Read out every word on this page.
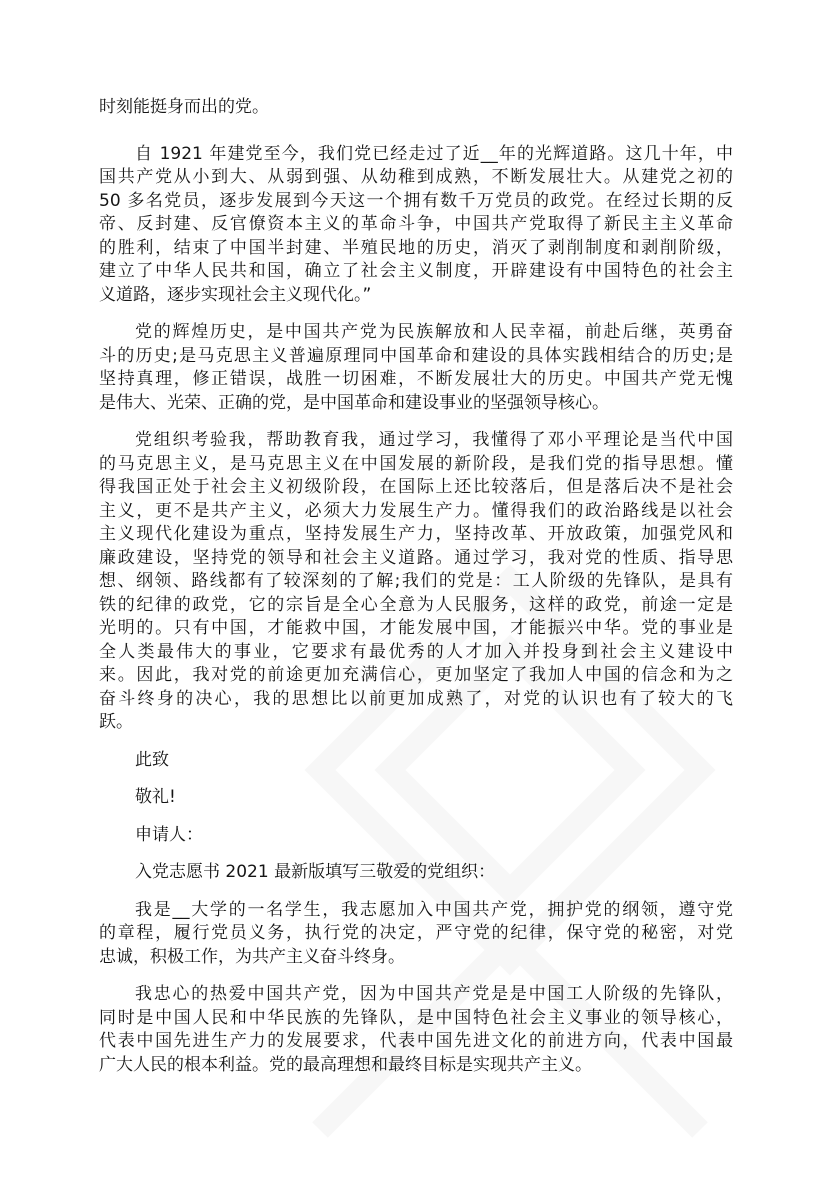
时刻能挺身而出的党。
自 1921 年建党至今，我们党已经走过了近__年的光辉道路。这几十年，中
国共产党从小到大、从弱到强、从幼稚到成熟，不断发展壮大。从建党之初的
50 多名党员，逐步发展到今天这一个拥有数千万党员的政党。在经过长期的反
帝、反封建、反官僚资本主义的革命斗争，中国共产党取得了新民主主义革命
的胜利，结束了中国半封建、半殖民地的历史，消灭了剥削制度和剥削阶级，
建立了中华人民共和国，确立了社会主义制度，开辟建设有中国特色的社会主
义道路，逐步实现社会主义现代化。”
党的辉煌历史，是中国共产党为民族解放和人民幸福，前赴后继，英勇奋
斗的历史;是马克思主义普遍原理同中国革命和建设的具体实践相结合的历史;是
坚持真理，修正错误，战胜一切困难，不断发展壮大的历史。中国共产党无愧
是伟大、光荣、正确的党，是中国革命和建设事业的坚强领导核心。
党组织考验我，帮助教育我，通过学习，我懂得了邓小平理论是当代中国
的马克思主义，是马克思主义在中国发展的新阶段，是我们党的指导思想。懂
得我国正处于社会主义初级阶段，在国际上还比较落后，但是落后决不是社会
主义，更不是共产主义，必须大力发展生产力。懂得我们的政治路线是以社会
主义现代化建设为重点，坚持发展生产力，坚持改革、开放政策，加强党风和
廉政建设，坚持党的领导和社会主义道路。通过学习，我对党的性质、指导思
想、纲领、路线都有了较深刻的了解;我们的党是：工人阶级的先锋队，是具有
铁的纪律的政党，它的宗旨是全心全意为人民服务，这样的政党，前途一定是
光明的。只有中国，才能救中国，才能发展中国，才能振兴中华。党的事业是
全人类最伟大的事业，它要求有最优秀的人才加入并投身到社会主义建设中
来。因此，我对党的前途更加充满信心，更加坚定了我加人中国的信念和为之
奋斗终身的决心，我的思想比以前更加成熟了，对党的认识也有了较大的飞
跃。
此致
敬礼!
申请人：
入党志愿书 2021 最新版填写三敬爱的党组织：
我是__大学的一名学生，我志愿加入中国共产党，拥护党的纲领，遵守党
的章程，履行党员义务，执行党的决定，严守党的纪律，保守党的秘密，对党
忠诚，积极工作，为共产主义奋斗终身。
我忠心的热爱中国共产党，因为中国共产党是是中国工人阶级的先锋队，
同时是中国人民和中华民族的先锋队，是中国特色社会主义事业的领导核心，
代表中国先进生产力的发展要求，代表中国先进文化的前进方向，代表中国最
广大人民的根本利益。党的最高理想和最终目标是实现共产主义。
